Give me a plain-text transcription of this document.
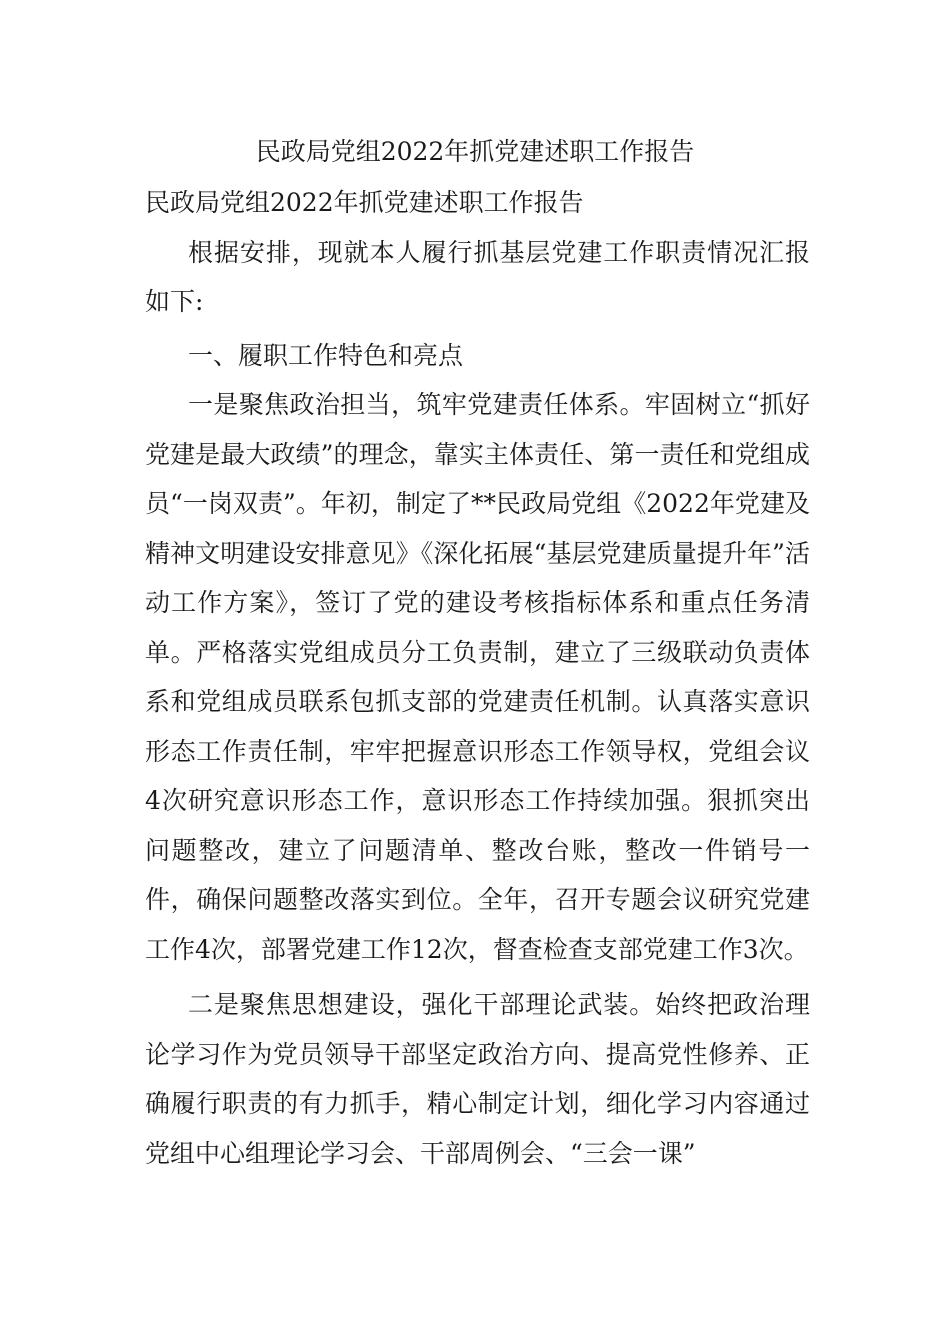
民政局党组2022年抓党建述职工作报告

民政局党组2022年抓党建述职工作报告

根据安排，现就本人履行抓基层党建工作职责情况汇报如下:

一、履职工作特色和亮点

一是聚焦政治担当，筑牢党建责任体系。牢固树立“抓好党建是最大政绩”的理念，靠实主体责任、第一责任和党组成员“一岗双责”。年初，制定了**民政局党组《2022年党建及精神文明建设安排意见》《深化拓展“基层党建质量提升年”活动工作方案》，签订了党的建设考核指标体系和重点任务清单。严格落实党组成员分工负责制，建立了三级联动负责体系和党组成员联系包抓支部的党建责任机制。认真落实意识形态工作责任制，牢牢把握意识形态工作领导权，党组会议4次研究意识形态工作，意识形态工作持续加强。狠抓突出问题整改，建立了问题清单、整改台账，整改一件销号一件，确保问题整改落实到位。全年，召开专题会议研究党建工作4次，部署党建工作12次，督查检查支部党建工作3次。

二是聚焦思想建设，强化干部理论武装。始终把政治理论学习作为党员领导干部坚定政治方向、提高党性修养、正确履行职责的有力抓手，精心制定计划，细化学习内容通过党组中心组理论学习会、干部周例会、“三会一课”
